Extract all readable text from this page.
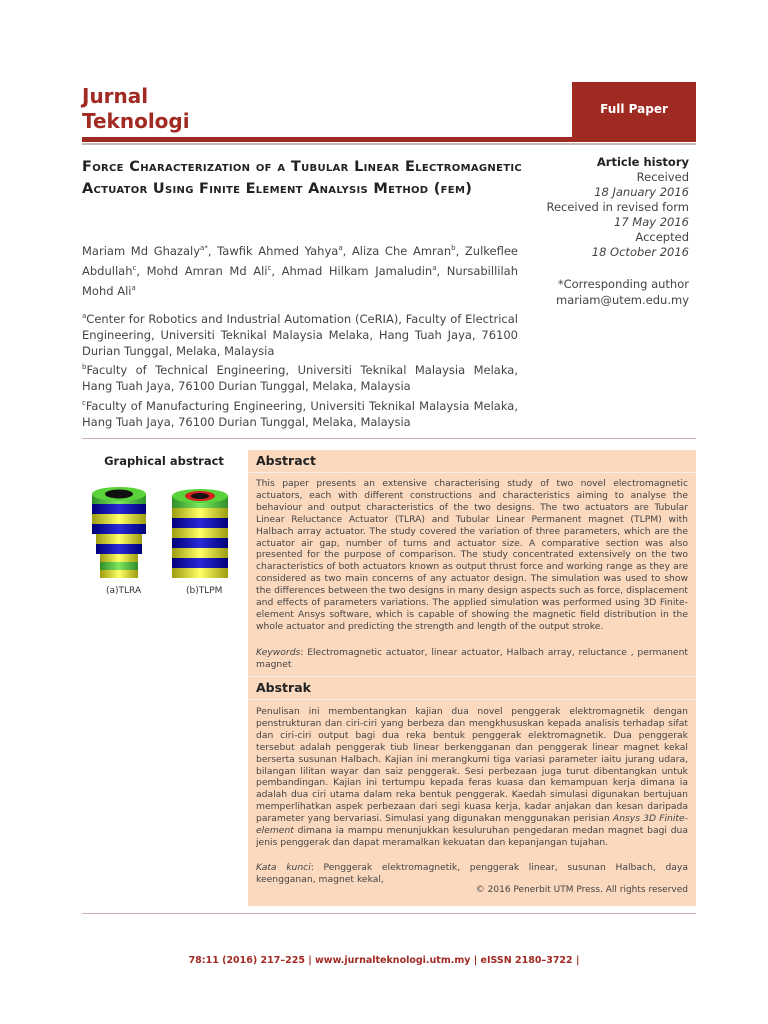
Jurnal
Teknologi	Full Paper
Force Characterization of a Tubular Linear Electromagnetic Actuator Using Finite Element Analysis Method (fem)
Article history
Received
18 January 2016
Received in revised form
17 May 2016
Accepted
18 October 2016
*Corresponding author
mariam@utem.edu.my
Mariam Md Ghazaly$^{a*}$, Tawfik Ahmed Yahya$^a$, Aliza Che Amran$^b$, Zulkeflee Abdullah$^c$, Mohd Amran Md Ali$^c$, Ahmad Hilkam Jamaludin$^a$, Nursabillilah Mohd Ali$^a$
$^a$Center for Robotics and Industrial Automation (CeRIA), Faculty of Electrical Engineering, Universiti Teknikal Malaysia Melaka, Hang Tuah Jaya, 76100 Durian Tunggal, Melaka, Malaysia
$^b$Faculty of Technical Engineering, Universiti Teknikal Malaysia Melaka, Hang Tuah Jaya, 76100 Durian Tunggal, Melaka, Malaysia
$^c$Faculty of Manufacturing Engineering, Universiti Teknikal Malaysia Melaka, Hang Tuah Jaya, 76100 Durian Tunggal, Melaka, Malaysia
Graphical abstract
(a)TLRA	(b)TLPM
Abstract
This paper presents an extensive characterising study of two novel electromagnetic actuators, each with different constructions and characteristics aiming to analyse the behaviour and output characteristics of the two designs. The two actuators are Tubular Linear Reluctance Actuator (TLRA) and Tubular Linear Permanent magnet (TLPM) with Halbach array actuator. The study covered the variation of three parameters, which are the actuator air gap, number of turns and actuator size. A comparative section was also presented for the purpose of comparison. The study concentrated extensively on the two characteristics of both actuators known as output thrust force and working range as they are considered as two main concerns of any actuator design. The simulation was used to show the differences between the two designs in many design aspects such as force, displacement and effects of parameters variations. The applied simulation was performed using 3D Finite-element Ansys software, which is capable of showing the magnetic field distribution in the whole actuator and predicting the strength and length of the output stroke.
Keywords: Electromagnetic actuator, linear actuator, Halbach array, reluctance , permanent magnet
Abstrak
Penulisan ini membentangkan kajian dua novel penggerak elektromagnetik dengan penstrukturan dan ciri-ciri yang berbeza dan mengkhususkan kepada analisis terhadap sifat dan ciri-ciri output bagi dua reka bentuk penggerak elektromagnetik. Dua penggerak tersebut adalah penggerak tiub linear berkengganan dan penggerak linear magnet kekal berserta susunan Halbach. Kajian ini merangkumi tiga variasi parameter iaitu jurang udara, bilangan lilitan wayar dan saiz penggerak. Sesi perbezaan juga turut dibentangkan untuk pembandingan. Kajian ini tertumpu kepada feras kuasa dan kemampuan kerja dimana ia adalah dua ciri utama dalam reka bentuk penggerak. Kaedah simulasi digunakan bertujuan memperlihatkan aspek perbezaan dari segi kuasa kerja, kadar anjakan dan kesan daripada parameter yang bervariasi. Simulasi yang digunakan menggunakan perisian Ansys 3D Finite-element dimana ia mampu menunjukkan kesuluruhan pengedaran medan magnet bagi dua jenis penggerak dan dapat meramalkan kekuatan dan kepanjangan tujahan.
Kata kunci: Penggerak elektromagnetik, penggerak linear, susunan Halbach, daya keengganan, magnet kekal,
© 2016 Penerbit UTM Press. All rights reserved
78:11 (2016) 217–225 | www.jurnalteknologi.utm.my | eISSN 2180–3722 |
